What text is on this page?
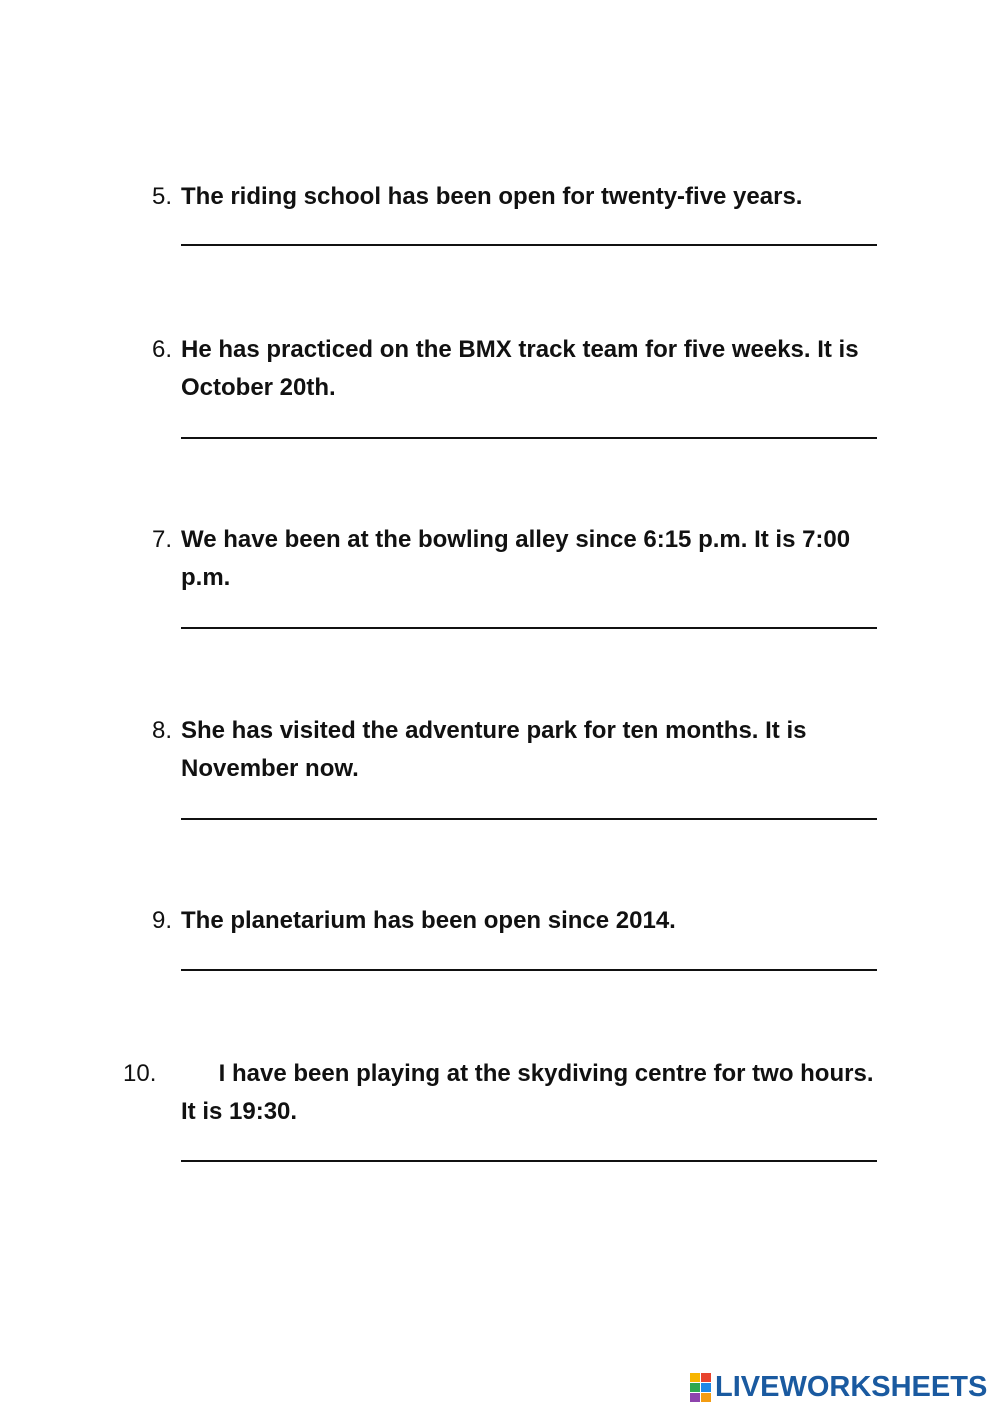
5. The riding school has been open for twenty-five years.
6. He has practiced on the BMX track team for five weeks. It is October 20th.
7. We have been at the bowling alley since 6:15 p.m. It is 7:00 p.m.
8. She has visited the adventure park for ten months. It is November now.
9. The planetarium has been open since 2014.
10.	I have been playing at the skydiving centre for two hours. It is 19:30.
LIVEWORKSHEETS
